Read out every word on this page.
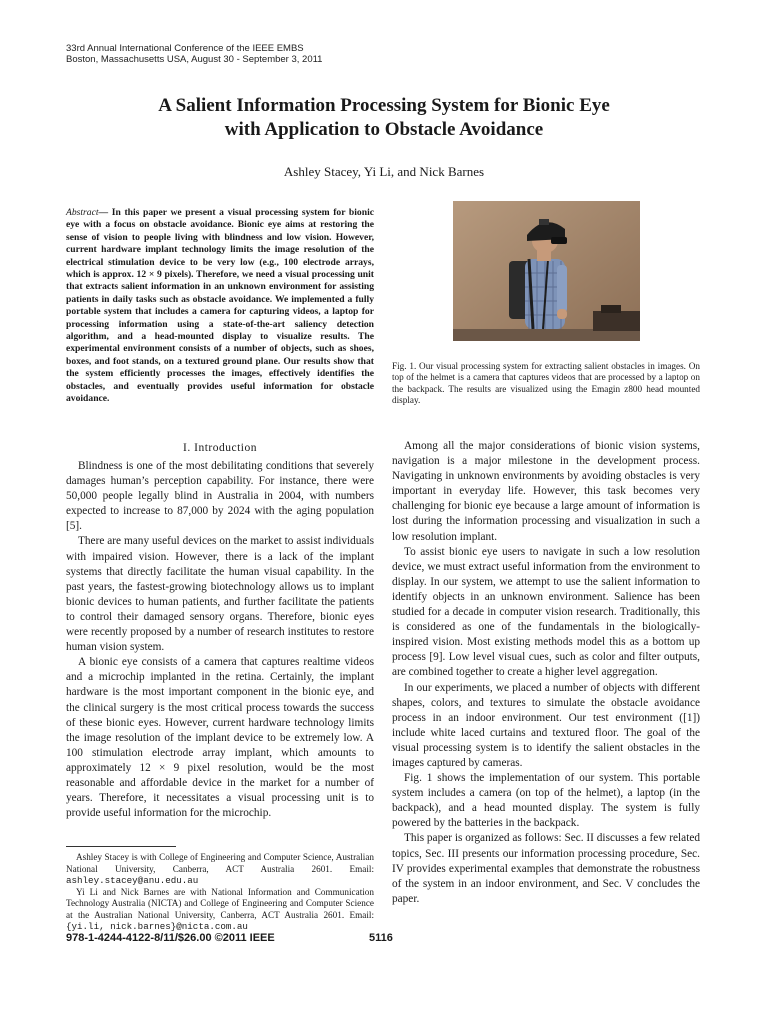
33rd Annual International Conference of the IEEE EMBS
Boston, Massachusetts USA, August 30 - September 3, 2011
A Salient Information Processing System for Bionic Eye
with Application to Obstacle Avoidance
Ashley Stacey, Yi Li, and Nick Barnes
Abstract— In this paper we present a visual processing system for bionic eye with a focus on obstacle avoidance. Bionic eye aims at restoring the sense of vision to people living with blindness and low vision. However, current hardware implant technology limits the image resolution of the electrical stimulation device to be very low (e.g., 100 electrode arrays, which is approx. 12 × 9 pixels). Therefore, we need a visual processing unit that extracts salient information in an unknown environment for assisting patients in daily tasks such as obstacle avoidance. We implemented a fully portable system that includes a camera for capturing videos, a laptop for processing information using a state-of-the-art saliency detection algorithm, and a head-mounted display to visualize results. The experimental environment consists of a number of objects, such as shoes, boxes, and foot stands, on a textured ground plane. Our results show that the system efficiently processes the images, effectively identifies the obstacles, and eventually provides useful information for obstacle avoidance.
I. Introduction

Blindness is one of the most debilitating conditions that severely damages human’s perception capability. For instance, there were 50,000 people legally blind in Australia in 2004, with numbers expected to increase to 87,000 by 2024 with the aging population [5].

There are many useful devices on the market to assist individuals with impaired vision. However, there is a lack of the implant systems that directly facilitate the human visual capability. In the past years, the fastest-growing biotechnology allows us to implant bionic devices to human patients, and further facilitate the patients to control their damaged sensory organs. Therefore, bionic eyes were recently proposed by a number of research institutes to restore human vision system.

A bionic eye consists of a camera that captures realtime videos and a microchip implanted in the retina. Certainly, the implant hardware is the most important component in the bionic eye, and the clinical surgery is the most critical process towards the success of these bionic eyes. However, current hardware technology limits the image resolution of the implant device to be extremely low. A 100 stimulation electrode array implant, which amounts to approximately 12 × 9 pixel resolution, would be the most reasonable and affordable device in the market for a number of years. Therefore, it necessitates a visual processing unit is to provide useful information for the microchip.

Ashley Stacey is with College of Engineering and Computer Science, Australian National University, Canberra, ACT Australia 2601. Email: ashley.stacey@anu.edu.au

Yi Li and Nick Barnes are with National Information and Communication Technology Australia (NICTA) and College of Engineering and Computer Science at the Australian National University, Canberra, ACT Australia 2601. Email: {yi.li, nick.barnes}@nicta.com.au

Fig. 1. Our visual processing system for extracting salient obstacles in images. On top of the helmet is a camera that captures videos that are processed by a laptop on the backpack. The results are visualized using the Emagin z800 head mounted display.

Among all the major considerations of bionic vision systems, navigation is a major milestone in the development process. Navigating in unknown environments by avoiding obstacles is very important in everyday life. However, this task becomes very challenging for bionic eye because a large amount of information is lost during the information processing and visualization in such a low resolution implant.

To assist bionic eye users to navigate in such a low resolution device, we must extract useful information from the environment to display. In our system, we attempt to use the salient information to identify objects in an unknown environment. Salience has been studied for a decade in computer vision research. Traditionally, this is considered as one of the fundamentals in the biologically-inspired vision. Most existing methods model this as a bottom up process [9]. Low level visual cues, such as color and filter outputs, are combined together to create a higher level aggregation.

In our experiments, we placed a number of objects with different shapes, colors, and textures to simulate the obstacle avoidance process in an indoor environment. Our test environment ([1]) include white laced curtains and textured floor. The goal of the visual processing system is to identify the salient obstacles in the images captured by cameras.

Fig. 1 shows the implementation of our system. This portable system includes a camera (on top of the helmet), a laptop (in the backpack), and a head mounted display. The system is fully powered by the batteries in the backpack.

This paper is organized as follows: Sec. II discusses a few related topics, Sec. III presents our information processing procedure, Sec. IV provides experimental examples that demonstrate the robustness of the system in an indoor environment, and Sec. V concludes the paper.

978-1-4244-4122-8/11/$26.00 ©2011 IEEE	5116
